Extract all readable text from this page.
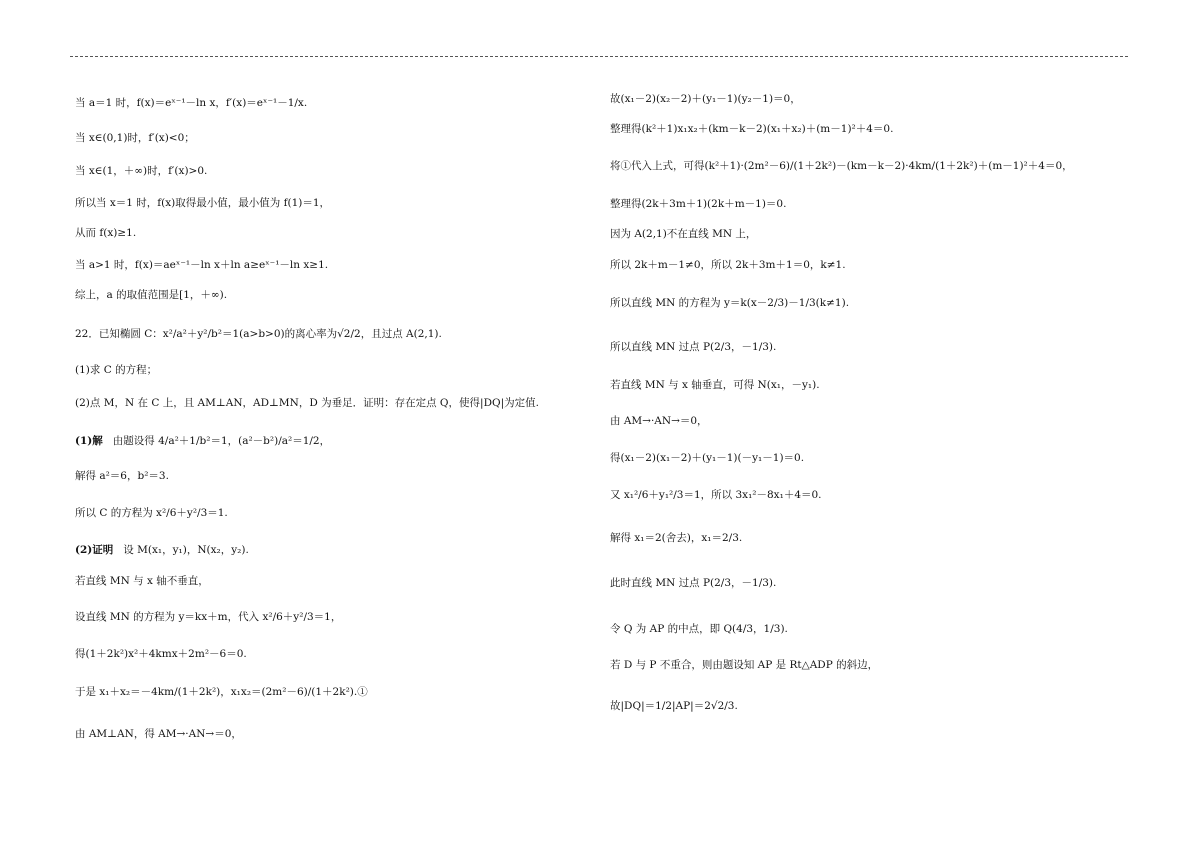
当 a＝1 时，f(x)＝eˣ⁻¹－ln x，f′(x)＝eˣ⁻¹－1/x.
当 x∈(0,1)时，f′(x)<0；
当 x∈(1，＋∞)时，f′(x)>0.
所以当 x＝1 时，f(x)取得最小值，最小值为 f(1)＝1，
从而 f(x)≥1.
当 a>1 时，f(x)＝aeˣ⁻¹－ln x＋ln a≥eˣ⁻¹－ln x≥1.
综上，a 的取值范围是[1，＋∞).
22．已知椭圆 C：x²/a²＋y²/b²＝1(a>b>0)的离心率为√2/2，且过点 A(2,1).
(1)求 C 的方程；
(2)点 M，N 在 C 上，且 AM⊥AN，AD⊥MN，D 为垂足．证明：存在定点 Q，使得|DQ|为定值.
(1)解 由题设得 4/a²＋1/b²＝1，(a²－b²)/a²＝1/2，
解得 a²＝6，b²＝3.
所以 C 的方程为 x²/6＋y²/3＝1.
(2)证明 设 M(x₁，y₁)，N(x₂，y₂).
若直线 MN 与 x 轴不垂直，
设直线 MN 的方程为 y＝kx＋m，代入 x²/6＋y²/3＝1，
得(1＋2k²)x²＋4kmx＋2m²－6＝0.
于是 x₁＋x₂＝－4km/(1＋2k²)，x₁x₂＝(2m²－6)/(1＋2k²).①
由 AM⊥AN，得 AM→·AN→＝0，
故(x₁－2)(x₂－2)＋(y₁－1)(y₂－1)＝0，
整理得(k²＋1)x₁x₂＋(km－k－2)(x₁＋x₂)＋(m－1)²＋4＝0.
将①代入上式，可得(k²＋1)·(2m²－6)/(1＋2k²)－(km－k－2)·4km/(1＋2k²)＋(m－1)²＋4＝0，
整理得(2k＋3m＋1)(2k＋m－1)＝0.
因为 A(2,1)不在直线 MN 上，
所以 2k＋m－1≠0，所以 2k＋3m＋1＝0，k≠1.
所以直线 MN 的方程为 y＝k(x－2/3)－1/3(k≠1).
所以直线 MN 过点 P(2/3，－1/3).
若直线 MN 与 x 轴垂直，可得 N(x₁，－y₁).
由 AM→·AN→＝0，
得(x₁－2)(x₁－2)＋(y₁－1)(－y₁－1)＝0.
又 x₁²/6＋y₁²/3＝1，所以 3x₁²－8x₁＋4＝0.
解得 x₁＝2(舍去)，x₁＝2/3.
此时直线 MN 过点 P(2/3，－1/3).
令 Q 为 AP 的中点，即 Q(4/3，1/3).
若 D 与 P 不重合，则由题设知 AP 是 Rt△ADP 的斜边，
故|DQ|＝1/2|AP|＝2√2/3.
